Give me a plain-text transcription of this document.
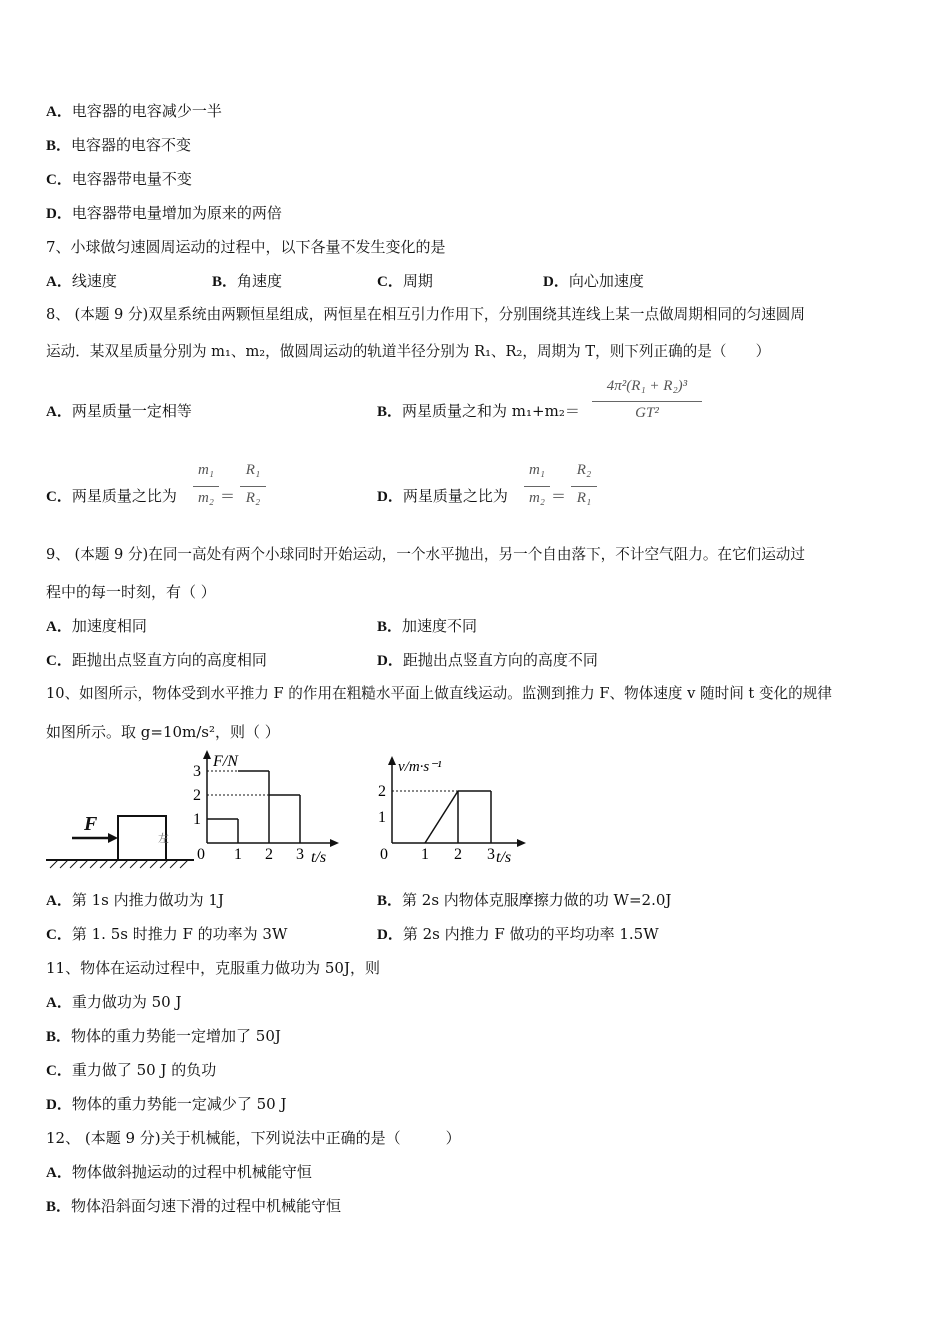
A．电容器的电容减少一半
B．电容器的电容不变
C．电容器带电量不变
D．电容器带电量增加为原来的两倍
7、小球做匀速圆周运动的过程中，以下各量不发生变化的是
A．线速度	B．角速度	C．周期	D．向心加速度
8、 (本题 9 分)双星系统由两颗恒星组成，两恒星在相互引力作用下，分别围绕其连线上某一点做周期相同的匀速圆周
运动．某双星质量分别为 m₁、m₂，做圆周运动的轨道半径分别为 R₁、R₂，周期为 T，则下列正确的是（　　）
A．两星质量一定相等	B．两星质量之和为 m₁+m₂＝
4π²(R₁ + R₂)³
GT²
C．两星质量之比为
m₁
m₂ ＝
R₁
R₂	D．两星质量之比为
m₁
m₂ ＝
R₂
R₁
9、 (本题 9 分)在同一高处有两个小球同时开始运动，一个水平抛出，另一个自由落下，不计空气阻力。在它们运动过
程中的每一时刻，有（ ）
A．加速度相同	B．加速度不同
C．距抛出点竖直方向的高度相同	D．距抛出点竖直方向的高度不同
10、如图所示，物体受到水平推力 F 的作用在粗糙水平面上做直线运动。监测到推力 F、物体速度 v 随时间 t 变化的规律
如图所示。取 g=10m/s²，则（ ）
左
F
F/N
0	t/s
1
2
3
1 2 3
v/m·s⁻¹
0	t/s
1
2
1 2 3
A．第 1s 内推力做功为 1J	B．第 2s 内物体克服摩擦力做的功 W=2.0J
C．第 1. 5s 时推力 F 的功率为 3W	D．第 2s 内推力 F 做功的平均功率 1.5W
11、物体在运动过程中，克服重力做功为 50J，则
A．重力做功为 50 J
B．物体的重力势能一定增加了 50J
C．重力做了 50 J 的负功
D．物体的重力势能一定减少了 50 J
12、 (本题 9 分)关于机械能，下列说法中正确的是（　　　）
A．物体做斜抛运动的过程中机械能守恒
B．物体沿斜面匀速下滑的过程中机械能守恒
